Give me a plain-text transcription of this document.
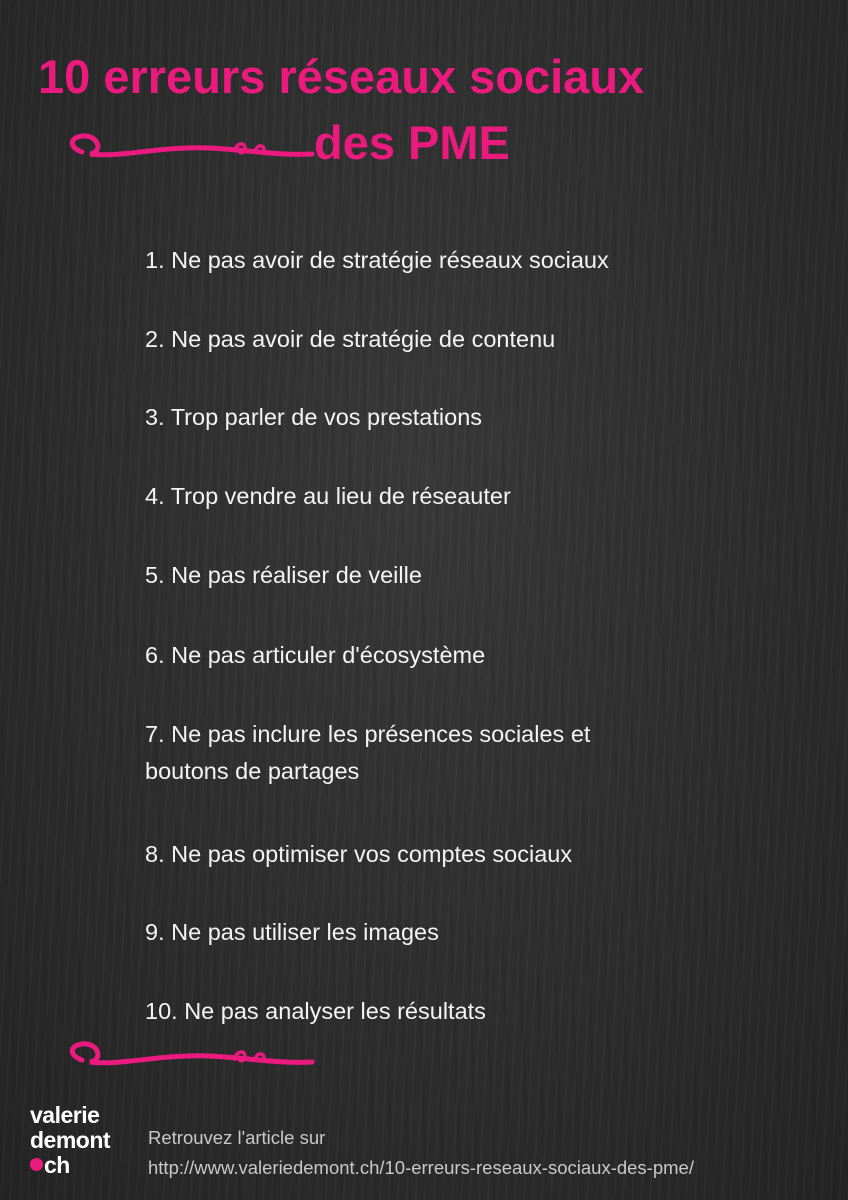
10 erreurs réseaux sociaux
des PME
1. Ne pas avoir de stratégie réseaux sociaux
2. Ne pas avoir de stratégie de contenu
3. Trop parler de vos prestations
4. Trop vendre au lieu de réseauter
5. Ne pas réaliser de veille
6. Ne pas articuler d'écosystème
7. Ne pas inclure les présences sociales et
boutons de partages
8. Ne pas optimiser vos comptes sociaux
9. Ne pas utiliser les images
10. Ne pas analyser les résultats
valerie
demont
ch
Retrouvez l'article sur
http://www.valeriedemont.ch/10-erreurs-reseaux-sociaux-des-pme/
